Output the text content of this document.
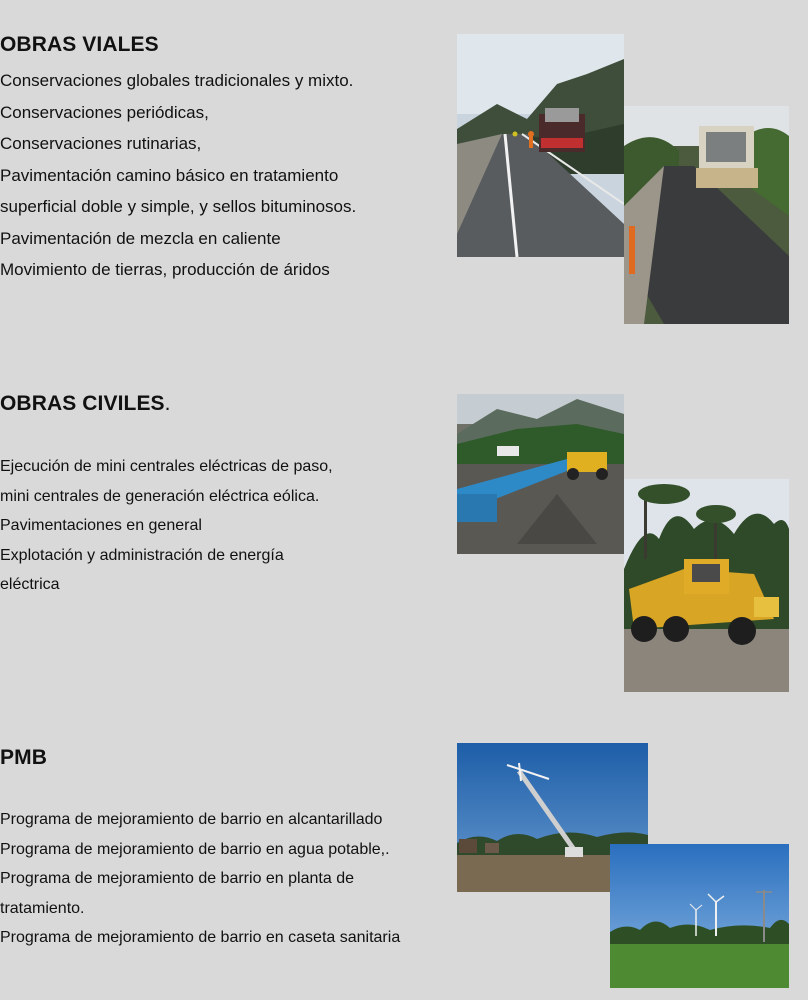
OBRAS VIALES
Conservaciones globales tradicionales y mixto.
Conservaciones periódicas,
Conservaciones rutinarias,
Pavimentación camino básico en tratamiento
superficial doble y simple, y sellos bituminosos.
Pavimentación de mezcla en caliente
Movimiento de tierras, producción de áridos
OBRAS CIVILES.
Ejecución de mini centrales eléctricas de paso,
mini centrales de generación eléctrica eólica.
Pavimentaciones en general
Explotación y administración de energía
eléctrica
PMB
Programa de mejoramiento de barrio en alcantarillado
Programa de mejoramiento de barrio en agua potable,.
Programa de mejoramiento de barrio en planta de
tratamiento.
Programa de mejoramiento de barrio en caseta sanitaria
